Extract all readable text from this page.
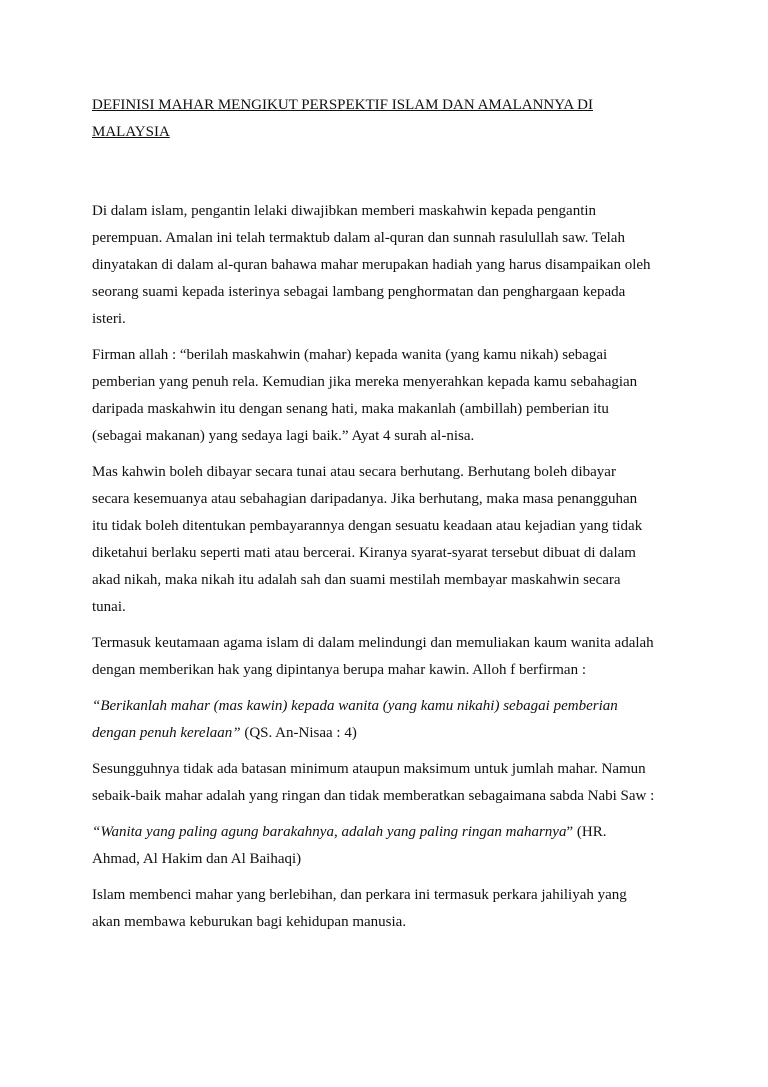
DEFINISI MAHAR MENGIKUT PERSPEKTIF ISLAM DAN AMALANNYA DI
MALAYSIA

Di dalam islam, pengantin lelaki diwajibkan memberi maskahwin kepada pengantin
perempuan. Amalan ini telah termaktub dalam al-quran dan sunnah rasulullah saw. Telah
dinyatakan di dalam al-quran bahawa mahar merupakan hadiah yang harus disampaikan oleh
seorang suami kepada isterinya sebagai lambang penghormatan dan penghargaan kepada
isteri.

Firman allah : “berilah maskahwin (mahar) kepada wanita (yang kamu nikah) sebagai
pemberian yang penuh rela. Kemudian jika mereka menyerahkan kepada kamu sebahagian
daripada maskahwin itu dengan senang hati, maka makanlah (ambillah) pemberian itu
(sebagai makanan) yang sedaya lagi baik.” Ayat 4 surah al-nisa.

Mas kahwin boleh dibayar secara tunai atau secara berhutang. Berhutang boleh dibayar
secara kesemuanya atau sebahagian daripadanya. Jika berhutang, maka masa penangguhan
itu tidak boleh ditentukan pembayarannya dengan sesuatu keadaan atau kejadian yang tidak
diketahui berlaku seperti mati atau bercerai. Kiranya syarat-syarat tersebut dibuat di dalam
akad nikah, maka nikah itu adalah sah dan suami mestilah membayar maskahwin secara
tunai.

Termasuk keutamaan agama islam di dalam melindungi dan memuliakan kaum wanita adalah
dengan memberikan hak yang dipintanya berupa mahar kawin. Alloh f berfirman :

“Berikanlah mahar (mas kawin) kepada wanita (yang kamu nikahi) sebagai pemberian
dengan penuh kerelaan” (QS. An-Nisaa : 4)

Sesungguhnya tidak ada batasan minimum ataupun maksimum untuk jumlah mahar. Namun
sebaik-baik mahar adalah yang ringan dan tidak memberatkan sebagaimana sabda Nabi Saw :

“Wanita yang paling agung barakahnya, adalah yang paling ringan maharnya” (HR.
Ahmad, Al Hakim dan Al Baihaqi)

Islam membenci mahar yang berlebihan, dan perkara ini termasuk perkara jahiliyah yang
akan membawa keburukan bagi kehidupan manusia.
